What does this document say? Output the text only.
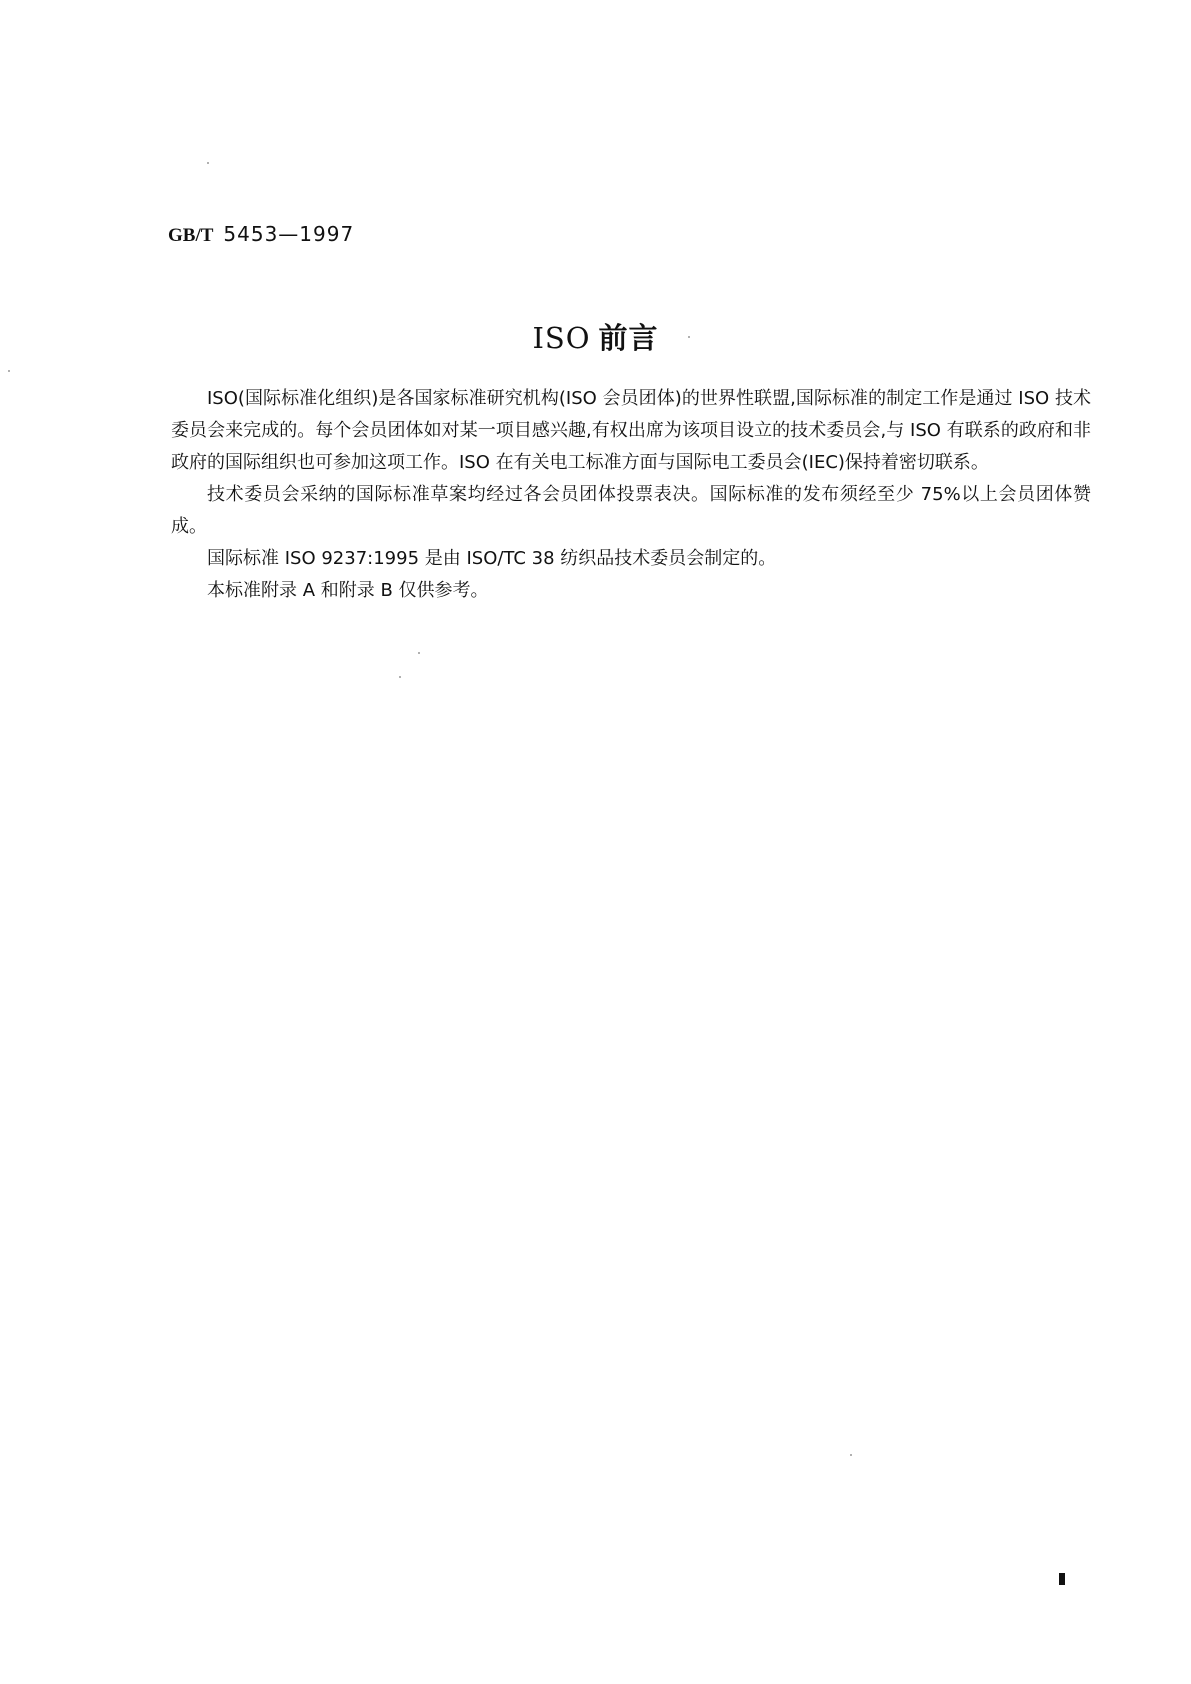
GB/T 5453—1997
ISO 前言

ISO(国际标准化组织)是各国家标准研究机构(ISO 会员团体)的世界性联盟,国际标准的制定工作是通过 ISO 技术委员会来完成的。每个会员团体如对某一项目感兴趣,有权出席为该项目设立的技术委员会,与 ISO 有联系的政府和非政府的国际组织也可参加这项工作。ISO 在有关电工标准方面与国际电工委员会(IEC)保持着密切联系。

技术委员会采纳的国际标准草案均经过各会员团体投票表决。国际标准的发布须经至少 75%以上会员团体赞成。

国际标准 ISO 9237:1995 是由 ISO/TC 38 纺织品技术委员会制定的。

本标准附录 A 和附录 B 仅供参考。
